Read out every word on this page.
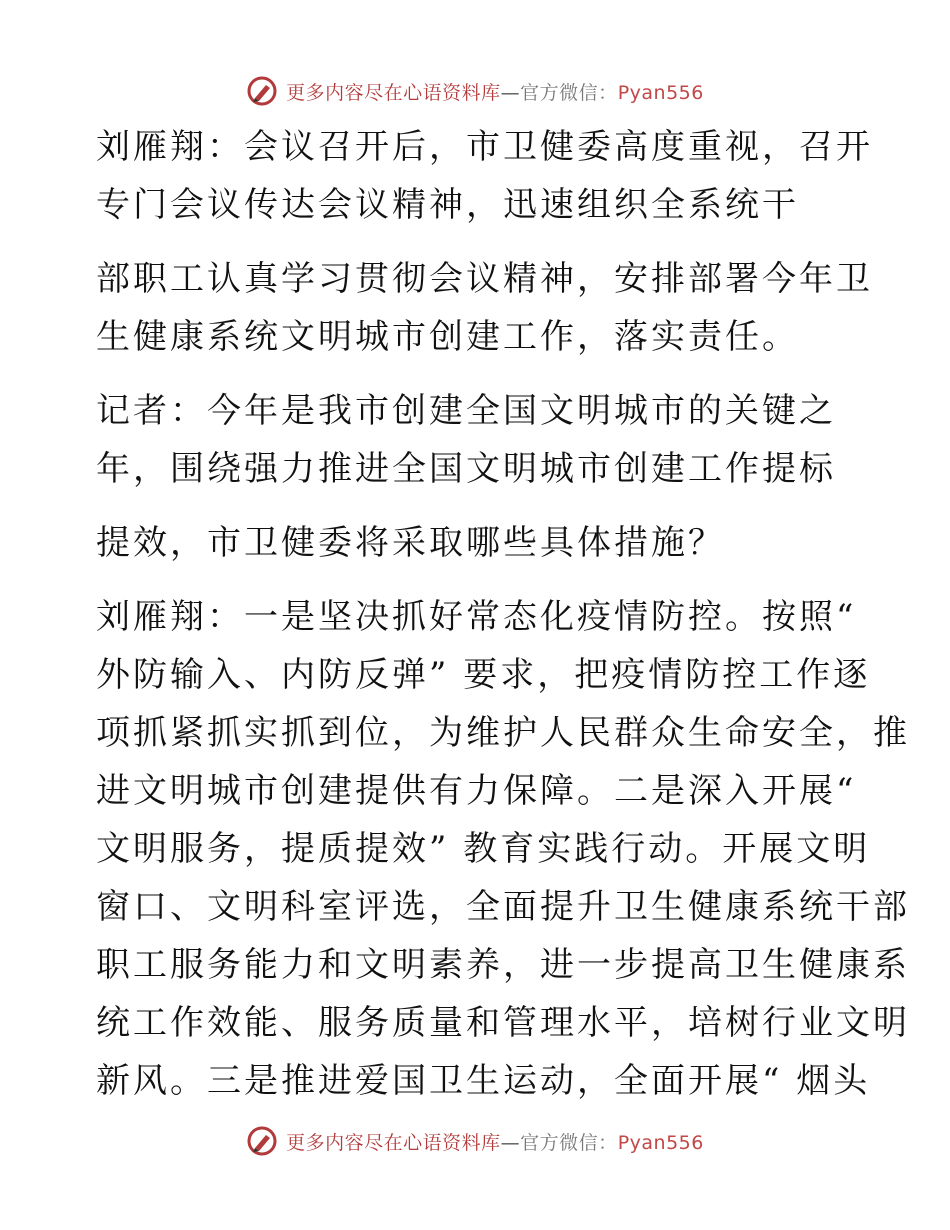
更多内容尽在心语资料库—官方微信：Pyan556
刘雁翔：会议召开后，市卫健委高度重视，召开
专门会议传达会议精神，迅速组织全系统干
部职工认真学习贯彻会议精神，安排部署今年卫
生健康系统文明城市创建工作，落实责任。
记者：今年是我市创建全国文明城市的关键之
年，围绕强力推进全国文明城市创建工作提标
提效，市卫健委将采取哪些具体措施？
刘雁翔：一是坚决抓好常态化疫情防控。按照“
外防输入、内防反弹” 要求，把疫情防控工作逐
项抓紧抓实抓到位，为维护人民群众生命安全，推
进文明城市创建提供有力保障。二是深入开展“
文明服务，提质提效” 教育实践行动。开展文明
窗口、文明科室评选，全面提升卫生健康系统干部
职工服务能力和文明素养，进一步提高卫生健康系
统工作效能、服务质量和管理水平，培树行业文明
新风。三是推进爱国卫生运动，全面开展“ 烟头
更多内容尽在心语资料库—官方微信：Pyan556
